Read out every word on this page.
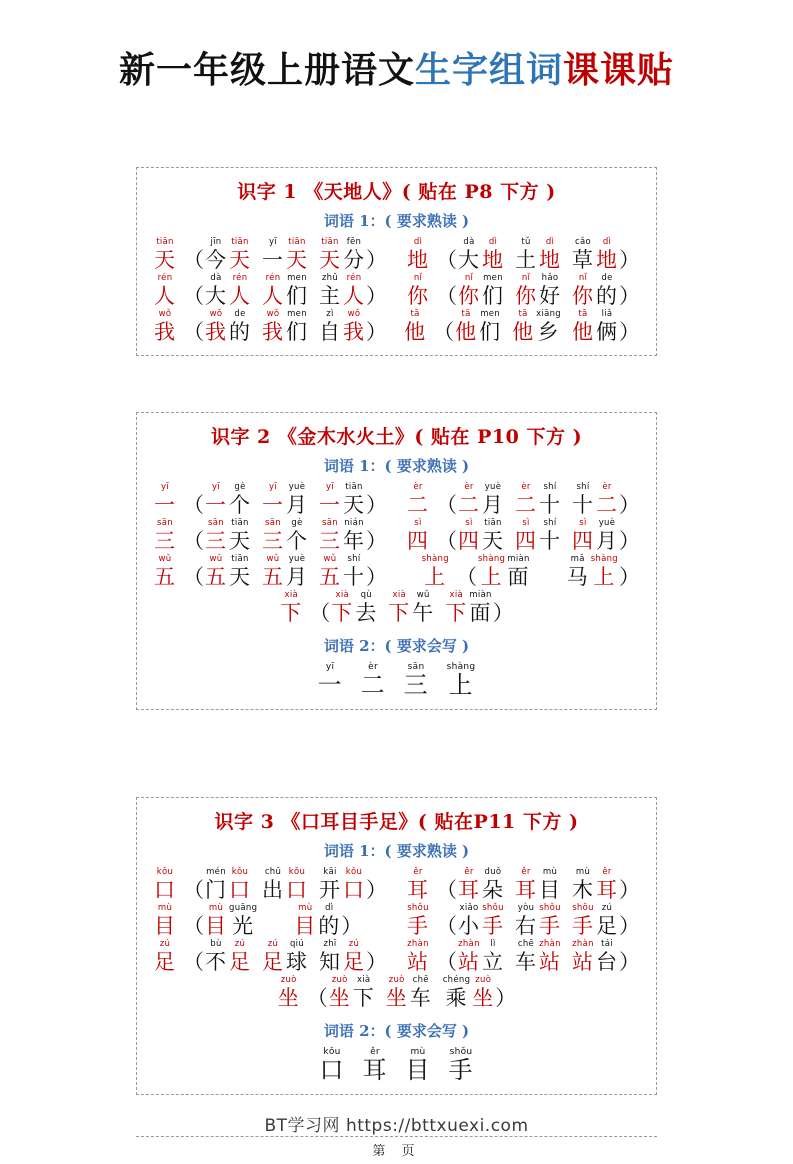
新一年级上册语文生字组词课课贴
识字 1 《天地人》( 贴在 P8 下方 )
词语 1：( 要求熟读 )
tiān
天 （
jīn
今
tiān
天
yī
一
tiān
天
tiān
天
fēn
分 ）
dì
地 （
dà
大
dì
地
tǔ
土
dì
地
cǎo
草
dì
地 ）
rén
人 （
dà
大
rén
人
rén
人
men
们
zhǔ
主
rén
人 ）
nǐ
你 （
nǐ
你
men
们
nǐ
你
hǎo
好
nǐ
你
de
的 ）
wǒ
我 （
wǒ
我
de
的
wǒ
我
men
们
zì
自
wǒ
我 ）
tā
他 （
tā
他
men
们
tā
他
xiāng
乡
tā
他
liǎ
俩 ）
识字 2 《金木水火土》( 贴在 P10 下方 )
词语 1：( 要求熟读 )
yī
一 （
yī
一
gè
个
yī
一
yuè
月
yī
一
tiān
天 ）
èr
二 （
èr
二
yuè
月
èr
二
shí
十
shí
十
èr
二 ）
sān
三 （
sān
三
tiān
天
sān
三
gè
个
sān
三
nián
年 ）
sì
四 （
sì
四
tiān
天
sì
四
shí
十
sì
四
yuè
月 ）
wǔ
五 （
wǔ
五
tiān
天
wǔ
五
yuè
月
wǔ
五
shí
十 ）
shàng
上 （
shàng
上
miàn
面
mǎ
马
shàng
上 ）
xià
下 （
xià
下
qù
去
xià
下
wǔ
午
xià
下
miàn
面 ）
词语 2：( 要求会写 )
yī
一
èr
二
sān
三
shàng
上
识字 3 《口耳目手足》( 贴在P11 下方 )
词语 1：( 要求熟读 )
kǒu
口 （
mén
门
kǒu
口
chū
出
kǒu
口
kāi
开
kǒu
口 ）
ěr
耳 （
ěr
耳
duǒ
朵
ěr
耳
mù
目
mù
木
ěr
耳 ）
mù
目 （
mù
目
guāng
光
mù
目
dì
的 ）
shǒu
手 （
xiǎo
小
shǒu
手
yòu
右
shǒu
手
shǒu
手
zú
足 ）
zú
足 （
bù
不
zú
足
zú
足
qiú
球
zhī
知
zú
足 ）
zhàn
站 （
zhàn
站
lì
立
chē
车
zhàn
站
zhàn
站
tái
台 ）
zuò
坐 （
zuò
坐
xià
下
zuò
坐
chē
车
chéng
乘
zuò
坐 ）
词语 2：( 要求会写 )
kǒu
口
ěr
耳
mù
目
shǒu
手
BT学习网 https://bttxuexi.com
第 页
